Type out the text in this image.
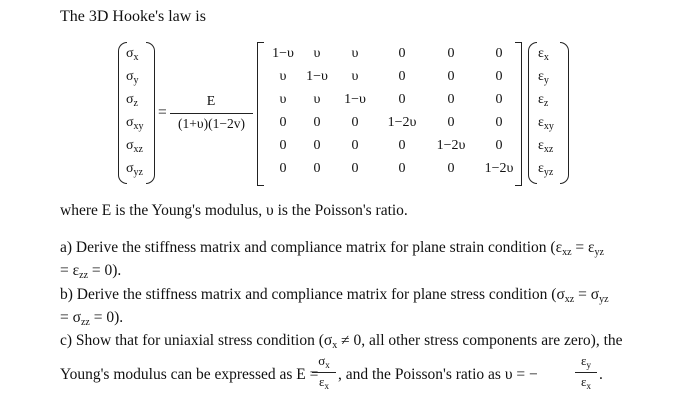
The 3D Hooke's law is
$\sigma_x$
$\sigma_y$
$\sigma_z$
$\sigma_{xy}$
$\sigma_{xz}$
$\sigma_{yz}$
=
E
(1+υ)(1−2v)
1−υ	υ	υ	0	0	0
υ	1−υ	υ	0	0	0
υ	υ	1−υ	0	0	0
0	0	0	1−2υ	0	0
0	0	0	0	1−2υ	0
0	0	0	0	0	1−2υ
$\varepsilon_x$
$\varepsilon_y$
$\varepsilon_z$
$\varepsilon_{xy}$
$\varepsilon_{xz}$
$\varepsilon_{yz}$
where E is the Young's modulus, υ is the Poisson's ratio.
a) Derive the stiffness matrix and compliance matrix for plane strain condition ($\varepsilon_{xz} = \varepsilon_{yz}$
= $\varepsilon_{zz} = 0$).
b) Derive the stiffness matrix and compliance matrix for plane stress condition ($\sigma_{xz} = \sigma_{yz}$
= $\sigma_{zz} = 0$).
c) Show that for uniaxial stress condition ($\sigma_x \ne 0$, all other stress components are zero), the
Young's modulus can be expressed as E =
$\sigma_x$
$\varepsilon_x$
, and the Poisson's ratio as υ = −
$\varepsilon_y$
$\varepsilon_x$
.
